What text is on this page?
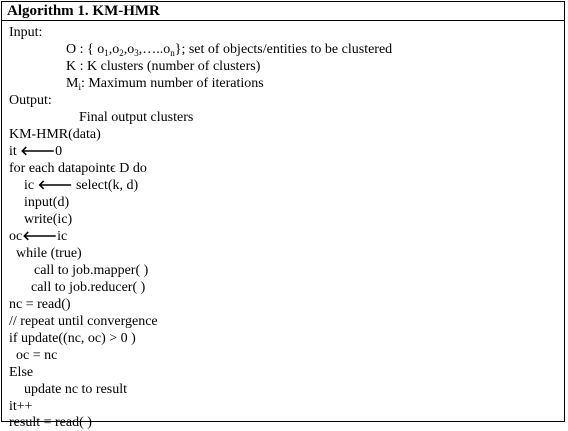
Algorithm 1. KM-HMR
Input:
O : { $o_1,o_2,o_3,\dots..o_n$}; set of objects/entities to be clustered
K : K clusters (number of clusters)
$M_i$: Maximum number of iterations
Output:
Final output clusters
KM-HMR(data)
it 🡐0
for each datapointϵ D do
ic 🡐 select(k, d)
input(d)
write(ic)
oc🡐ic
while (true)
call to job.mapper( )
call to job.reducer( )
nc = read()
// repeat until convergence
if update((nc, oc) > 0 )
oc = nc
Else
update nc to result
it++
result = read( )
